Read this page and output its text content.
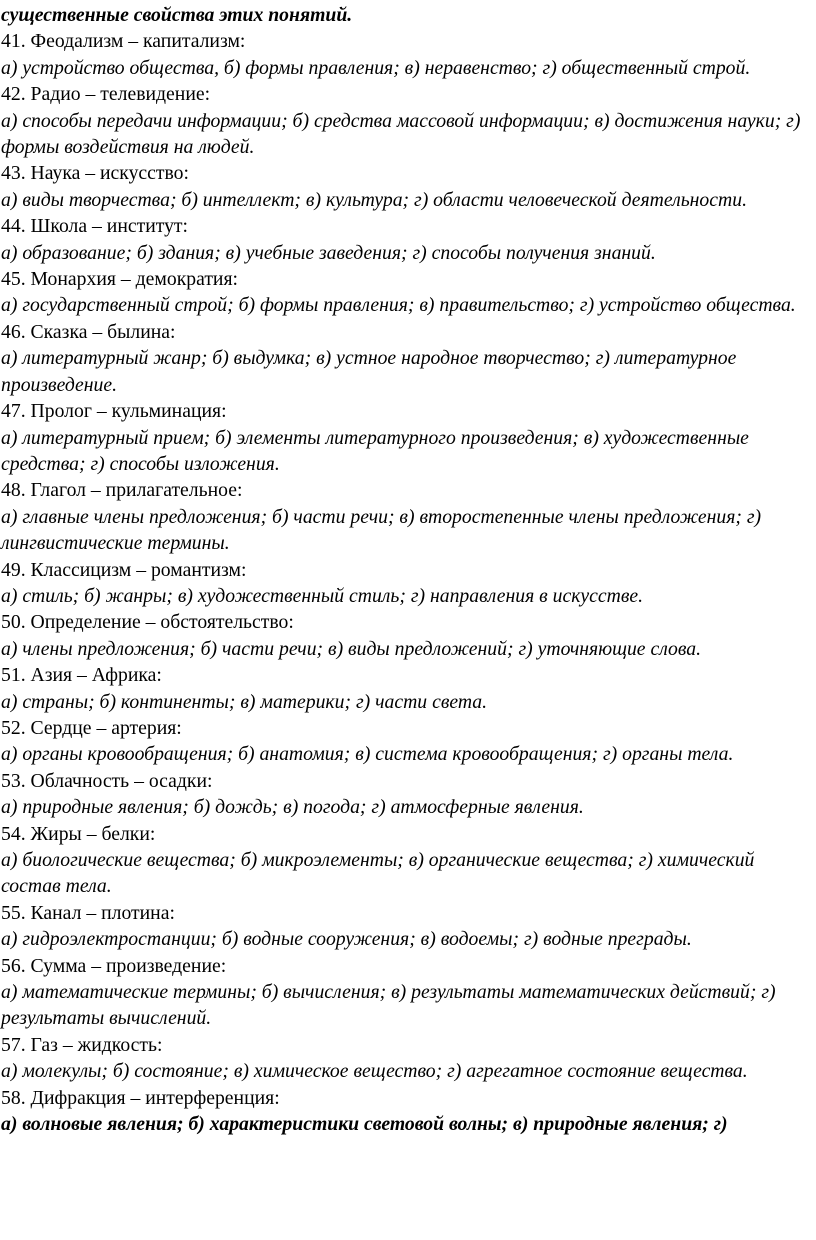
существенные свойства этих понятий.

41. Феодализм – капитализм:

а) устройство общества, б) формы правления; в) неравенство; г) общественный строй.

42. Радио – телевидение:

а) способы передачи информации; б) средства массовой информации; в) достижения науки; г) формы воздействия на людей.

43. Наука – искусство:

а) виды творчества; б) интеллект; в) культура; г) области человеческой деятельности.

44. Школа – институт:

а) образование; б) здания; в) учебные заведения; г) способы получения знаний.

45. Монархия – демократия:

а) государственный строй; б) формы правления; в) правительство; г) устройство общества.

46. Сказка – былина:

а) литературный жанр; б) выдумка; в) устное народное творчество; г) литературное произведение.

47. Пролог – кульминация:

а) литературный прием; б) элементы литературного произведения; в) художественные средства; г) способы изложения.

48. Глагол – прилагательное:

а) главные члены предложения; б) части речи; в) второстепенные члены предложения; г) лингвистические термины.

49. Классицизм – романтизм:

а) стиль; б) жанры; в) художественный стиль; г) направления в искусстве.

50. Определение – обстоятельство:

а) члены предложения; б) части речи; в) виды предложений; г) уточняющие слова.

51. Азия – Африка:

а) страны; б) континенты; в) материки; г) части света.

52. Сердце – артерия:

а) органы кровообращения; б) анатомия; в) система кровообращения; г) органы тела.

53. Облачность – осадки:

а) природные явления; б) дождь; в) погода; г) атмосферные явления.

54. Жиры – белки:

а) биологические вещества; б) микроэлементы; в) органические вещества; г) химический состав тела.

55. Канал – плотина:

а) гидроэлектростанции; б) водные сооружения; в) водоемы; г) водные преграды.

56. Сумма – произведение:

а) математические термины; б) вычисления; в) результаты математических действий; г) результаты вычислений.

57. Газ – жидкость:

а) молекулы; б) состояние; в) химическое вещество; г) агрегатное состояние вещества.

58. Дифракция – интерференция:

а) волновые явления; б) характеристики световой волны; в) природные явления; г)
